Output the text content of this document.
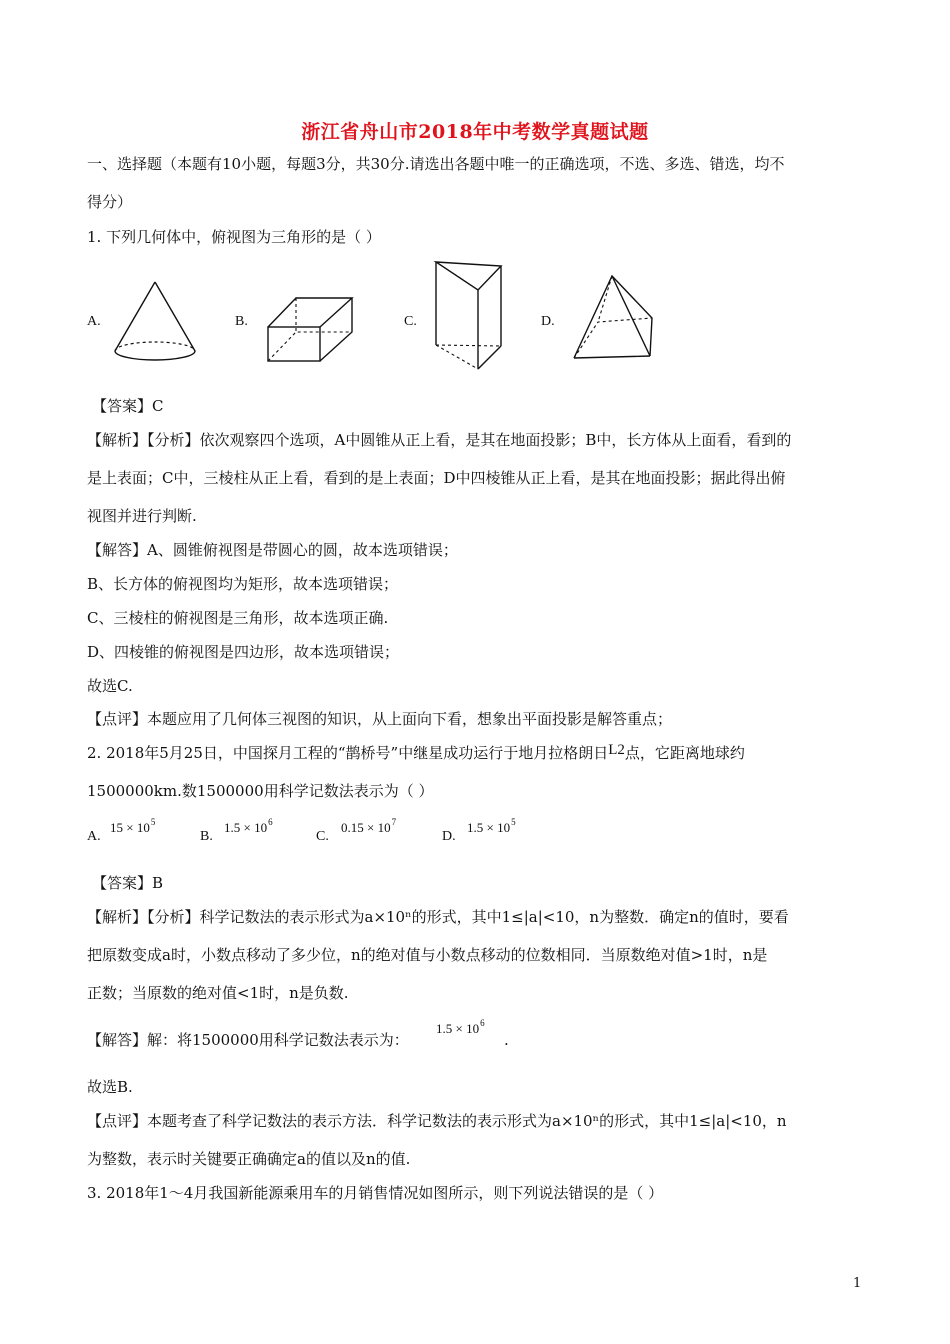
浙江省舟山市2018年中考数学真题试题
一、选择题（本题有10小题，每题3分，共30分.请选出各题中唯一的正确选项，不选、多选、错选，均不
得分）
1. 下列几何体中，俯视图为三角形的是（ ）
A.	B.	C.	D.
【答案】C
【解析】【分析】依次观察四个选项，A中圆锥从正上看，是其在地面投影；B中，长方体从上面看，看到的
是上表面；C中，三棱柱从正上看，看到的是上表面；D中四棱锥从正上看，是其在地面投影；据此得出俯
视图并进行判断.
【解答】A、圆锥俯视图是带圆心的圆，故本选项错误；
B、长方体的俯视图均为矩形，故本选项错误；
C、三棱柱的俯视图是三角形，故本选项正确.
D、四棱锥的俯视图是四边形，故本选项错误；
故选C.
【点评】本题应用了几何体三视图的知识，从上面向下看，想象出平面投影是解答重点；
2. 2018年5月25日，中国探月工程的“鹊桥号”中继星成功运行于地月拉格朗日L2点，它距离地球约
1500000km.数1500000用科学记数法表示为（ ）
A.
$15 \times 10^5$
B.
$1.5 \times 10^6$
C.
$0.15 \times 10^7$
D.
$1.5 \times 10^5$
【答案】B
【解析】【分析】科学记数法的表示形式为a×10ⁿ的形式，其中1≤|a|<10，n为整数．确定n的值时，要看
把原数变成a时，小数点移动了多少位，n的绝对值与小数点移动的位数相同．当原数绝对值>1时，n是
正数；当原数的绝对值<1时，n是负数.
【解答】解：将1500000用科学记数法表示为：
$1.5 \times 10^6$
.
故选B.
【点评】本题考查了科学记数法的表示方法．科学记数法的表示形式为a×10ⁿ的形式，其中1≤|a|<10，n
为整数，表示时关键要正确确定a的值以及n的值.
3. 2018年1～4月我国新能源乘用车的月销售情况如图所示，则下列说法错误的是（ ）
1
